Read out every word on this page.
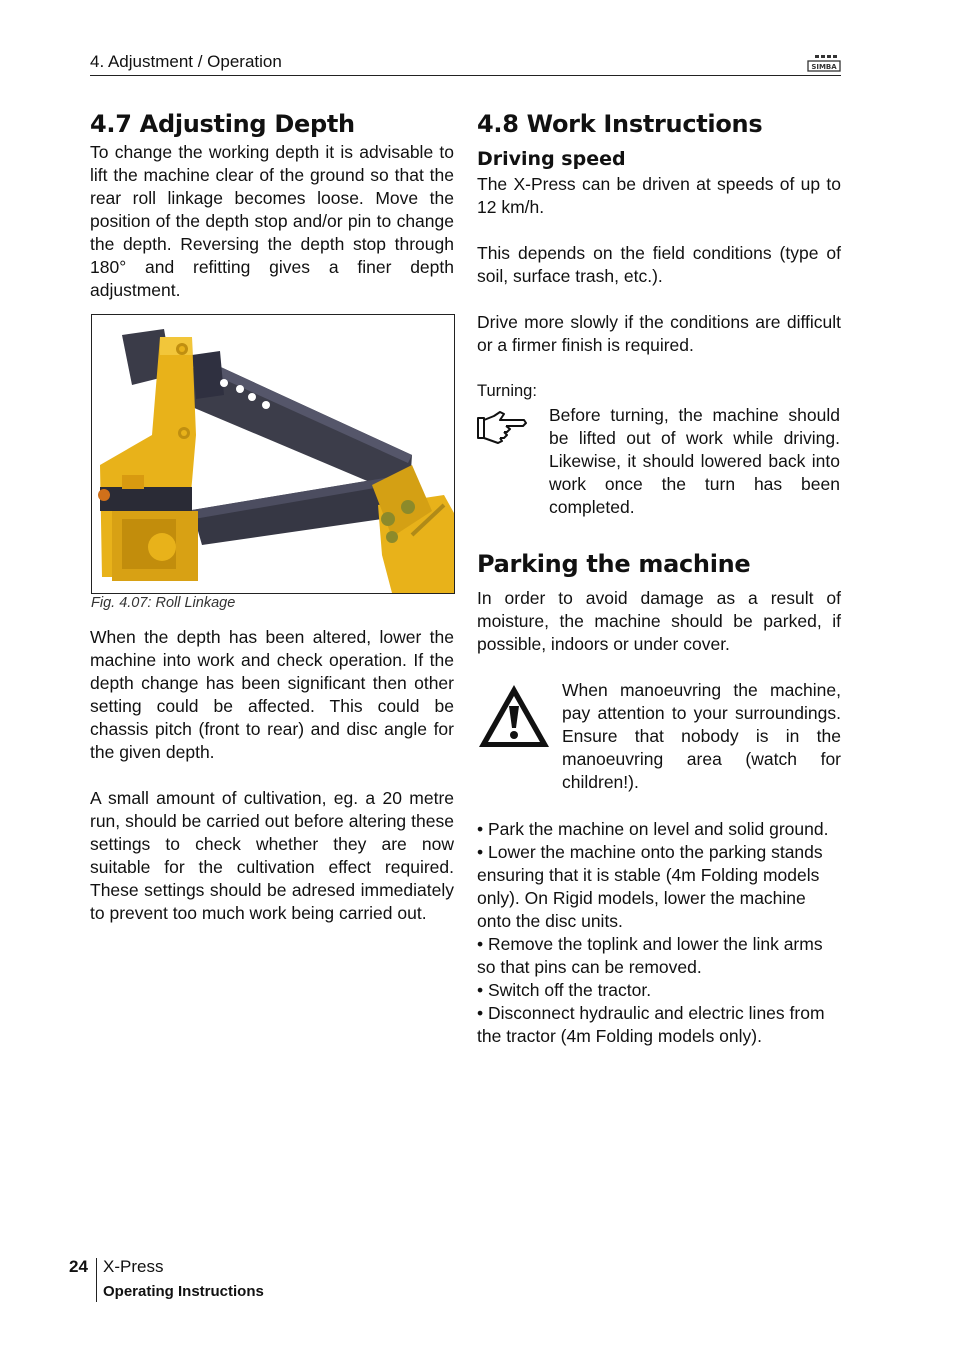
4. Adjustment / Operation	SIMBA
4.7 Adjusting Depth

To change the working depth it is advisable to lift the machine clear of the ground so that the rear roll linkage becomes loose. Move the position of the depth stop and/or pin to change the depth. Reversing the depth stop through 180° and refitting gives a finer depth adjustment.

Fig. 4.07: Roll Linkage

When the depth has been altered, lower the machine into work and check operation. If the depth change has been significant then other setting could be affected. This could be chassis pitch (front to rear) and disc angle for the given depth.

A small amount of cultivation, eg. a 20 metre run, should be carried out before altering these settings to check whether they are now suitable for the cultivation effect required. These settings should be adresed immediately to prevent too much work being carried out.

4.8 Work Instructions
Driving speed

The X-Press can be driven at speeds of up to 12 km/h.

This depends on the field conditions (type of soil, surface trash, etc.).

Drive more slowly if the conditions are difficult or a firmer finish is required.

Turning:

Before turning, the machine should be lifted out of work while driving. Likewise, it should lowered back into work once the turn has been completed.

Parking the machine

In order to avoid damage as a result of moisture, the machine should be parked, if possible, indoors or under cover.

When manoeuvring the machine, pay attention to your surroundings. Ensure that nobody is in the manoeuvring area (watch for children!).

• Park the machine on level and solid ground.
• Lower the machine onto the parking stands ensuring that it is stable (4m Folding models only). On Rigid models, lower the machine onto the disc units.
• Remove the toplink and lower the link arms so that pins can be removed.
• Switch off the tractor.
• Disconnect hydraulic and electric lines from the tractor (4m Folding models only).
24 X-Press
Operating Instructions
